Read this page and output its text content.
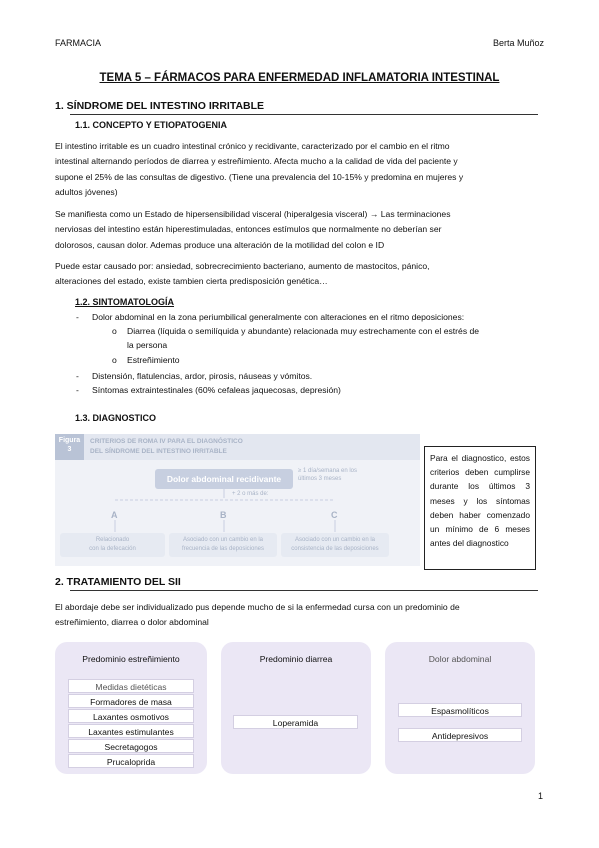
FARMACIA	Berta Muñoz
TEMA 5 – FÁRMACOS PARA ENFERMEDAD INFLAMATORIA INTESTINAL
1. SÍNDROME DEL INTESTINO IRRITABLE
1.1. CONCEPTO Y ETIOPATOGENIA
El intestino irritable es un cuadro intestinal crónico y recidivante, caracterizado por el cambio en el ritmo
intestinal alternando períodos de diarrea y estreñimiento. Afecta mucho a la calidad de vida del paciente y
supone el 25% de las consultas de digestivo. (Tiene una prevalencia del 10-15% y predomina en mujeres y
adultos jóvenes)
Se manifiesta como un Estado de hipersensibilidad visceral (hiperalgesia visceral) → Las terminaciones
nerviosas del intestino están hiperestimuladas, entonces estímulos que normalmente no deberían ser
dolorosos, causan dolor. Ademas produce una alteración de la motilidad del colon e ID
Puede estar causado por: ansiedad, sobrecrecimiento bacteriano, aumento de mastocitos, pánico,
alteraciones del estado, existe tambien cierta predisposición genética…
1.2. SINTOMATOLOGÍA
- Dolor abdominal en la zona periumbilical generalmente con alteraciones en el ritmo deposiciones:
o Diarrea (líquida o semilíquida y abundante) relacionada muy estrechamente con el estrés de
la persona
o Estreñimiento
- Distensión, flatulencias, ardor, pirosis, náuseas y vómitos.
- Síntomas extraintestinales (60% cefaleas jaquecosas, depresión)
1.3. DIAGNOSTICO
Figura
3
CRITERIOS DE ROMA IV PARA EL DIAGNÓSTICO
DEL SÍNDROME DEL INTESTINO IRRITABLE
Dolor abdominal recidivante
≥ 1 día/semana en los
últimos 3 meses
+ 2 o más de:
A	B	C
Relacionado
con la defecación
Asociado con un cambio en la
frecuencia de las deposiciones
Asociado con un cambio en la
consistencia de las deposiciones
Para el diagnostico, estos criterios deben cumplirse durante los últimos 3 meses y los síntomas deben haber comenzado un mínimo de 6 meses antes del diagnostico
2. TRATAMIENTO DEL SII
El abordaje debe ser individualizado pus depende mucho de si la enfermedad cursa con un predominio de
estreñimiento, diarrea o dolor abdominal
Predominio estreñimiento
Medidas dietéticas
Formadores de masa
Laxantes osmotivos
Laxantes estimulantes
Secretagogos
Prucaloprida
Predominio diarrea
Loperamida
Dolor abdominal
Espasmolíticos
Antidepresivos
1
